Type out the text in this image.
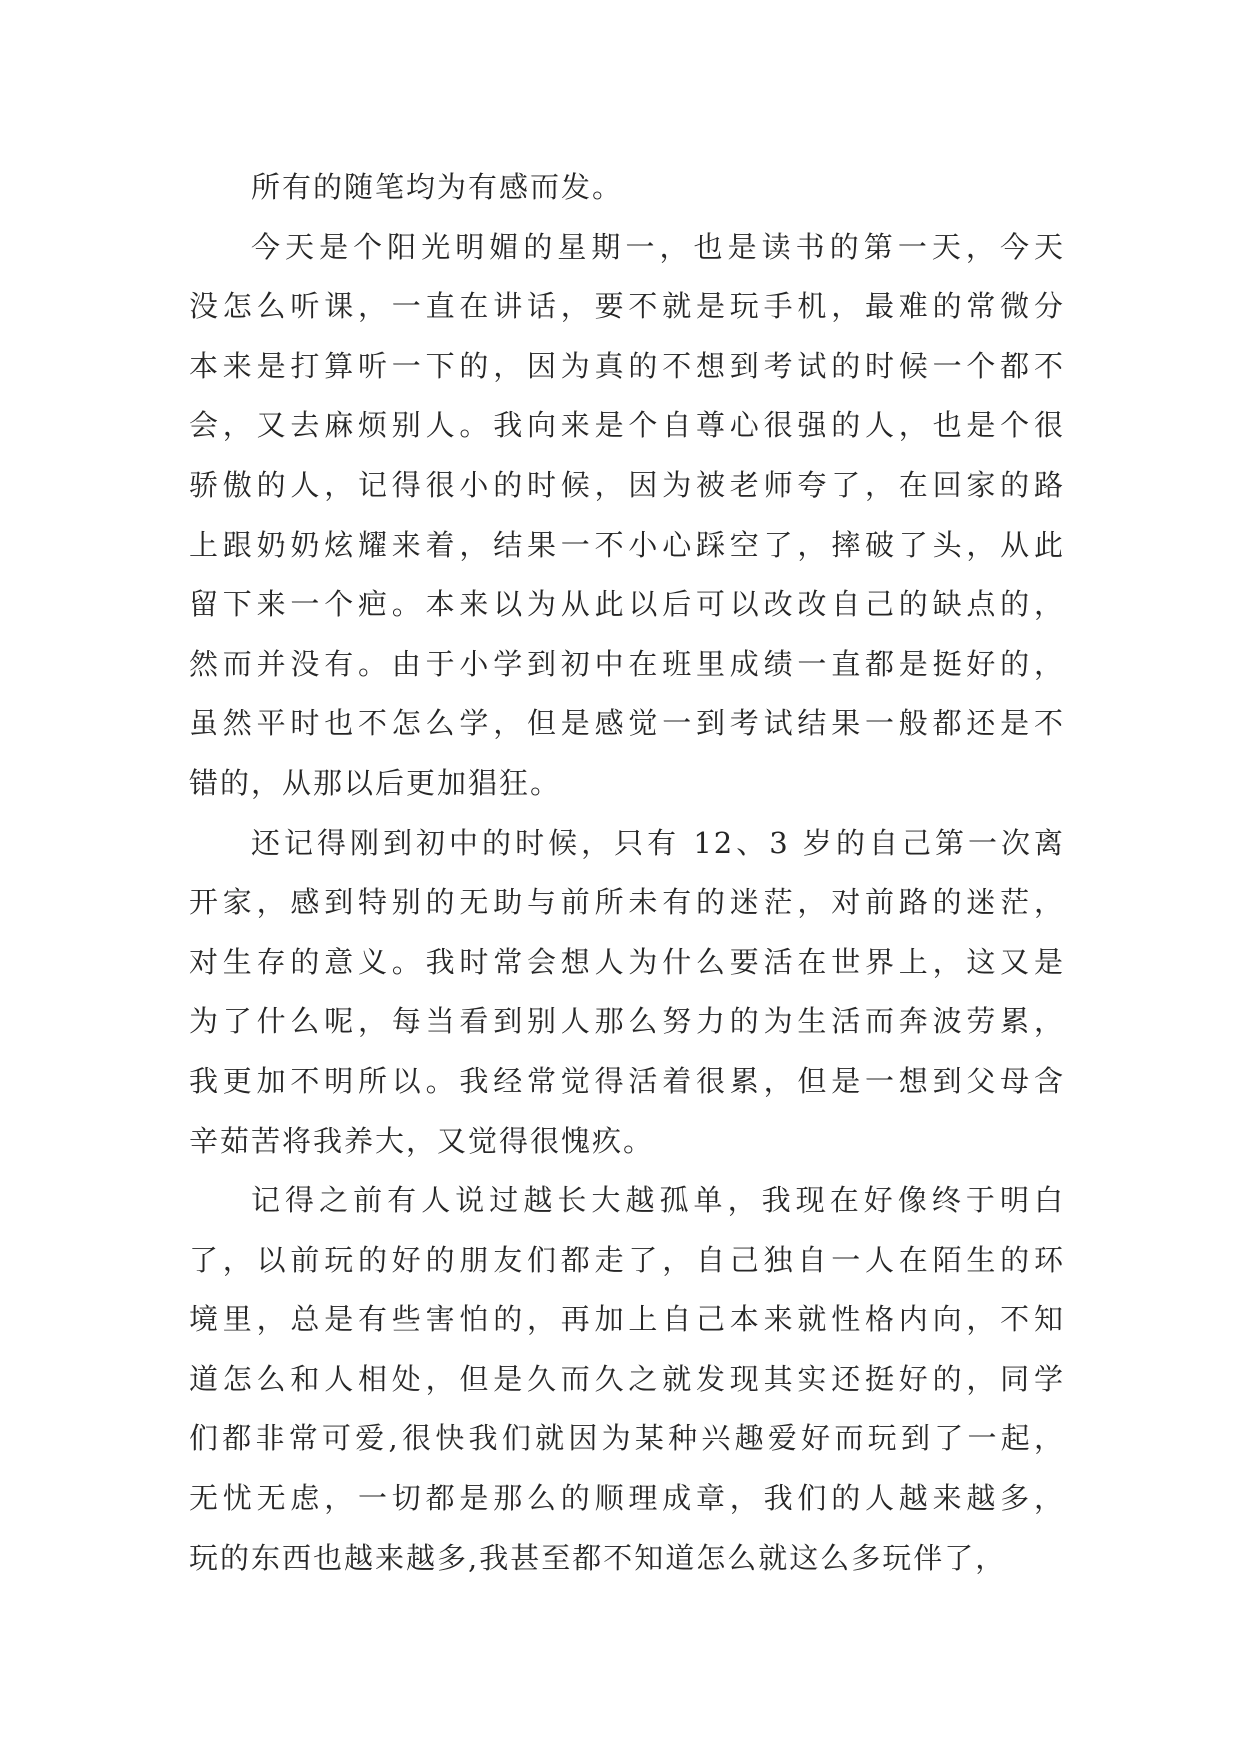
所有的随笔均为有感而发。
今天是个阳光明媚的星期一，也是读书的第一天，今天
没怎么听课，一直在讲话，要不就是玩手机，最难的常微分
本来是打算听一下的，因为真的不想到考试的时候一个都不
会，又去麻烦别人。我向来是个自尊心很强的人，也是个很
骄傲的人，记得很小的时候，因为被老师夸了，在回家的路
上跟奶奶炫耀来着，结果一不小心踩空了，摔破了头，从此
留下来一个疤。本来以为从此以后可以改改自己的缺点的，
然而并没有。由于小学到初中在班里成绩一直都是挺好的，
虽然平时也不怎么学，但是感觉一到考试结果一般都还是不
错的，从那以后更加猖狂。
还记得刚到初中的时候，只有 12、3 岁的自己第一次离
开家，感到特别的无助与前所未有的迷茫，对前路的迷茫，
对生存的意义。我时常会想人为什么要活在世界上，这又是
为了什么呢，每当看到别人那么努力的为生活而奔波劳累，
我更加不明所以。我经常觉得活着很累，但是一想到父母含
辛茹苦将我养大，又觉得很愧疚。
记得之前有人说过越长大越孤单，我现在好像终于明白
了，以前玩的好的朋友们都走了，自己独自一人在陌生的环
境里，总是有些害怕的，再加上自己本来就性格内向，不知
道怎么和人相处，但是久而久之就发现其实还挺好的，同学
们都非常可爱,很快我们就因为某种兴趣爱好而玩到了一起，
无忧无虑，一切都是那么的顺理成章，我们的人越来越多，
玩的东西也越来越多,我甚至都不知道怎么就这么多玩伴了，
